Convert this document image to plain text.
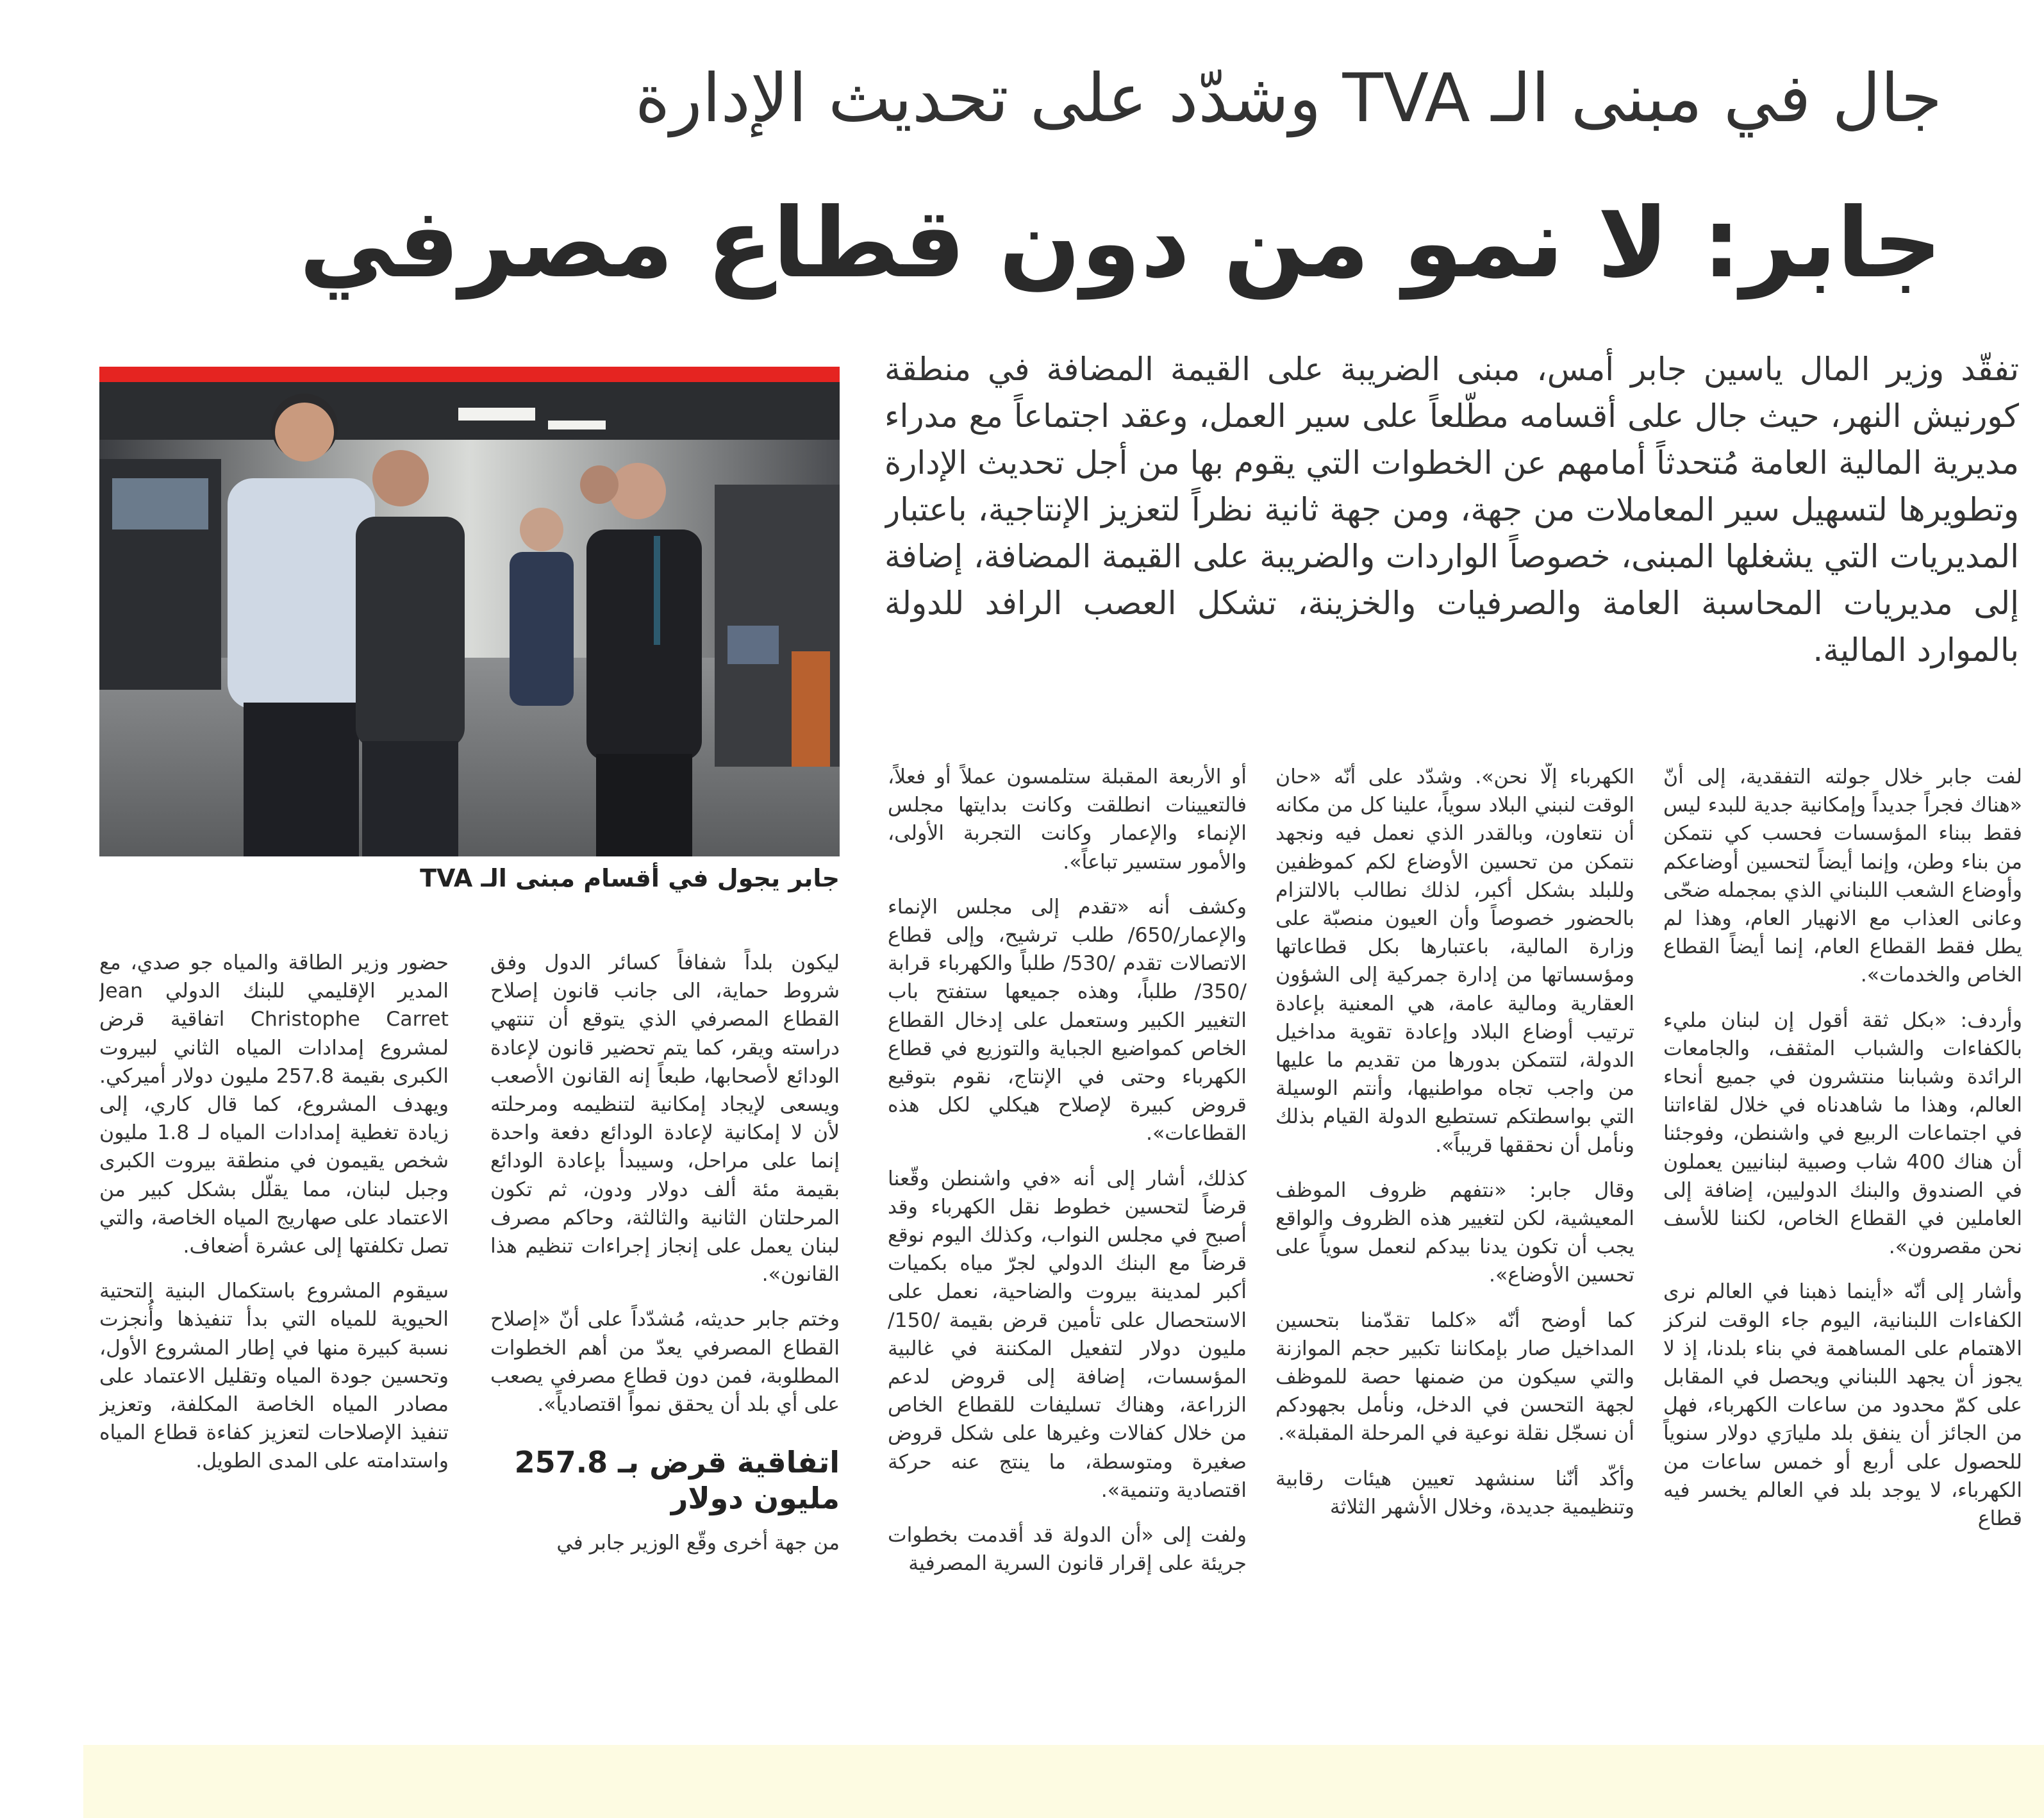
جال في مبنى الـ TVA وشدّد على تحديث الإدارة
جابر: لا نمو من دون قطاع مصرفي
تفقّد وزير المال ياسين جابر أمس، مبنى الضريبة على القيمة المضافة في منطقة كورنيش النهر، حيث جال على أقسامه مطّلعاً على سير العمل، وعقد اجتماعاً مع مدراء مديرية المالية العامة مُتحدثاً أمامهم عن الخطوات التي يقوم بها من أجل تحديث الإدارة وتطويرها لتسهيل سير المعاملات من جهة، ومن جهة ثانية نظراً لتعزيز الإنتاجية، باعتبار المديريات التي يشغلها المبنى، خصوصاً الواردات والضريبة على القيمة المضافة، إضافة إلى مديريات المحاسبة العامة والصرفيات والخزينة، تشكل العصب الرافد للدولة بالموارد المالية.
جابر يجول في أقسام مبنى الـ TVA

لفت جابر خلال جولته التفقدية، إلى أنّ «هناك فجراً جديداً وإمكانية جدية للبدء ليس فقط ببناء المؤسسات فحسب كي نتمكن من بناء وطن، وإنما أيضاً لتحسين أوضاعكم وأوضاع الشعب اللبناني الذي بمجمله ضحّى وعانى العذاب مع الانهيار العام، وهذا لم يطل فقط القطاع العام، إنما أيضاً القطاع الخاص والخدمات».

وأردف: «بكل ثقة أقول إن لبنان مليء بالكفاءات والشباب المثقف، والجامعات الرائدة وشبابنا منتشرون في جميع أنحاء العالم، وهذا ما شاهدناه في خلال لقاءاتنا في اجتماعات الربيع في واشنطن، وفوجئنا أن هناك 400 شاب وصبية لبنانيين يعملون في الصندوق والبنك الدوليين، إضافة إلى العاملين في القطاع الخاص، لكننا للأسف نحن مقصرون».

وأشار إلى أنّه «أينما ذهبنا في العالم نرى الكفاءات اللبنانية، اليوم جاء الوقت لنركز الاهتمام على المساهمة في بناء بلدنا، إذ لا يجوز أن يجهد اللبناني ويحصل في المقابل على كمّ محدود من ساعات الكهرباء، فهل من الجائز أن ينفق بلد مليارَي دولار سنوياً للحصول على أربع أو خمس ساعات من الكهرباء، لا يوجد بلد في العالم يخسر فيه قطاع

الكهرباء إلّا نحن». وشدّد على أنّه «حان الوقت لنبني البلاد سوياً، علينا كل من مكانه أن نتعاون، وبالقدر الذي نعمل فيه ونجهد نتمكن من تحسين الأوضاع لكم كموظفين وللبلد بشكل أكبر، لذلك نطالب بالالتزام بالحضور خصوصاً وأن العيون منصبّة على وزارة المالية، باعتبارها بكل قطاعاتها ومؤسساتها من إدارة جمركية إلى الشؤون العقارية ومالية عامة، هي المعنية بإعادة ترتيب أوضاع البلاد وإعادة تقوية مداخيل الدولة، لتتمكن بدورها من تقديم ما عليها من واجب تجاه مواطنيها، وأنتم الوسيلة التي بواسطتكم تستطيع الدولة القيام بذلك ونأمل أن نحققها قريباً».

وقال جابر: «نتفهم ظروف الموظف المعيشية، لكن لتغيير هذه الظروف والواقع يجب أن تكون يدنا بيدكم لنعمل سوياً على تحسين الأوضاع».

كما أوضح أنّه «كلما تقدّمنا بتحسين المداخيل صار بإمكاننا تكبير حجم الموازنة والتي سيكون من ضمنها حصة للموظف لجهة التحسن في الدخل، ونأمل بجهودكم أن نسجّل نقلة نوعية في المرحلة المقبلة».

وأكّد أنّنا سنشهد تعيين هيئات رقابية وتنظيمية جديدة، وخلال الأشهر الثلاثة

أو الأربعة المقبلة ستلمسون عملاً أو فعلاً، فالتعيينات انطلقت وكانت بدايتها مجلس الإنماء والإعمار وكانت التجربة الأولى، والأمور ستسير تباعاً».

وكشف أنه «تقدم إلى مجلس الإنماء والإعمار/650/ طلب ترشيح، وإلى قطاع الاتصالات تقدم /530/ طلباً والكهرباء قرابة /350/ طلباً، وهذه جميعها ستفتح باب التغيير الكبير وستعمل على إدخال القطاع الخاص كمواضيع الجباية والتوزيع في قطاع الكهرباء وحتى في الإنتاج، نقوم بتوقيع قروض كبيرة لإصلاح هيكلي لكل هذه القطاعات».

كذلك، أشار إلى أنه «في واشنطن وقّعنا قرضاً لتحسين خطوط نقل الكهرباء وقد أصبح في مجلس النواب، وكذلك اليوم نوقع قرضاً مع البنك الدولي لجرّ مياه بكميات أكبر لمدينة بيروت والضاحية، نعمل على الاستحصال على تأمين قرض بقيمة /150/ مليون دولار لتفعيل المكننة في غالبية المؤسسات، إضافة إلى قروض لدعم الزراعة، وهناك تسليفات للقطاع الخاص من خلال كفالات وغيرها على شكل قروض صغيرة ومتوسطة، ما ينتج عنه حركة اقتصادية وتنمية».

ولفت إلى «أن الدولة قد أقدمت بخطوات جريئة على إقرار قانون السرية المصرفية

ليكون بلداً شفافاً كسائر الدول وفق شروط حماية، الى جانب قانون إصلاح القطاع المصرفي الذي يتوقع أن تنتهي دراسته ويقر، كما يتم تحضير قانون لإعادة الودائع لأصحابها، طبعاً إنه القانون الأصعب ويسعى لإيجاد إمكانية لتنظيمه ومرحلته لأن لا إمكانية لإعادة الودائع دفعة واحدة إنما على مراحل، وسيبدأ بإعادة الودائع بقيمة مئة ألف دولار ودون، ثم تكون المرحلتان الثانية والثالثة، وحاكم مصرف لبنان يعمل على إنجاز إجراءات تنظيم هذا القانون».

وختم جابر حديثه، مُشدّداً على أنّ «إصلاح القطاع المصرفي يعدّ من أهم الخطوات المطلوبة، فمن دون قطاع مصرفي يصعب على أي بلد أن يحقق نمواً اقتصادياً».

اتفاقية قرض بـ 257.8 مليون دولار

من جهة أخرى وقّع الوزير جابر في

حضور وزير الطاقة والمياه جو صدي، مع المدير الإقليمي للبنك الدولي Jean Christophe Carret اتفاقية قرض لمشروع إمدادات المياه الثاني لبيروت الكبرى بقيمة 257.8 مليون دولار أميركي. ويهدف المشروع، كما قال كاري، إلى زيادة تغطية إمدادات المياه لـ 1.8 مليون شخص يقيمون في منطقة بيروت الكبرى وجبل لبنان، مما يقلّل بشكل كبير من الاعتماد على صهاريج المياه الخاصة، والتي تصل تكلفتها إلى عشرة أضعاف.

سيقوم المشروع باستكمال البنية التحتية الحيوية للمياه التي بدأ تنفيذها وأُنجزت نسبة كبيرة منها في إطار المشروع الأول، وتحسين جودة المياه وتقليل الاعتماد على مصادر المياه الخاصة المكلفة، وتعزيز تنفيذ الإصلاحات لتعزيز كفاءة قطاع المياه واستدامته على المدى الطويل.
